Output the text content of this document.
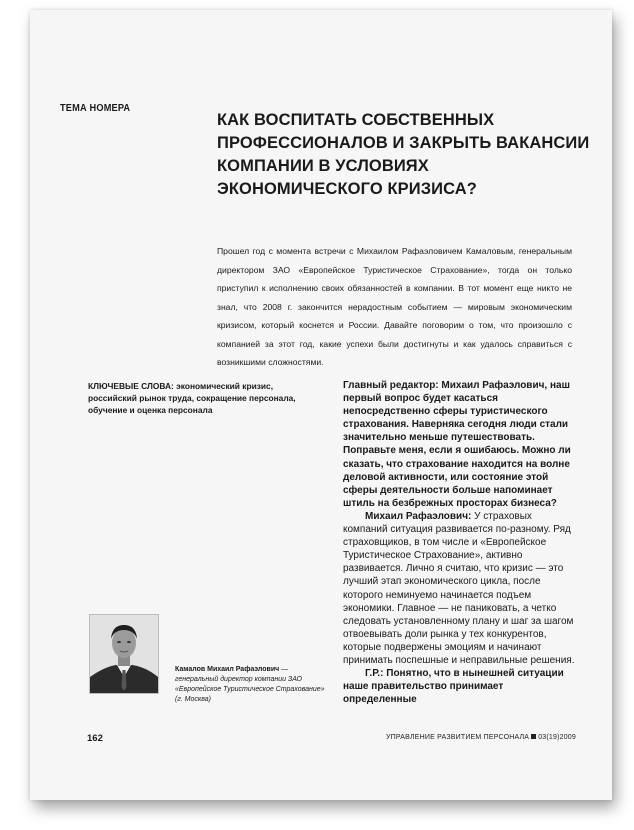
ТЕМА НОМЕРА
КАК ВОСПИТАТЬ СОБСТВЕННЫХ ПРОФЕССИОНАЛОВ И ЗАКРЫТЬ ВАКАНСИИ КОМПАНИИ В УСЛОВИЯХ ЭКОНОМИЧЕСКОГО КРИЗИСА?

Прошел год с момента встречи с Михаилом Рафаэловичем Камаловым, генеральным директором ЗАО «Европейское Туристическое Страхование», тогда он только приступил к исполнению своих обязанностей в компании. В тот момент еще никто не знал, что 2008 г. закончится нерадостным событием — мировым экономическим кризисом, который коснется и России. Давайте поговорим о том, что произошло с компанией за этот год, какие успехи были достигнуты и как удалось справиться с возникшими сложностями.

КЛЮЧЕВЫЕ СЛОВА: экономический кризис, российский рынок труда, сокращение персонала, обучение и оценка персонала

Главный редактор: Михаил Рафаэлович, наш первый вопрос будет касаться непосредственно сферы туристического страхования. Наверняка сегодня люди стали значительно меньше путешествовать. Поправьте меня, если я ошибаюсь. Можно ли сказать, что страхование находится на волне деловой активности, или состояние этой сферы деятельности больше напоминает штиль на безбрежных просторах бизнеса?

Михаил Рафаэлович: У страховых компаний ситуация развивается по-разному. Ряд страховщиков, в том числе и «Европейское Туристическое Страхование», активно развивается. Лично я считаю, что кризис — это лучший этап экономического цикла, после которого неминуемо начинается подъем экономики. Главное — не паниковать, а четко следовать установленному плану и шаг за шагом отвоевывать доли рынка у тех конкурентов, которые подвержены эмоциям и начинают принимать поспешные и неправильные решения.

Г.Р.: Понятно, что в нынешней ситуации наше правительство принимает определенные

Камалов Михаил Рафаэлович — генеральный директор компании ЗАО «Европейское Туристическое Страхование» (г. Москва)

162	УПРАВЛЕНИЕ РАЗВИТИЕМ ПЕРСОНАЛА 03(19)2009
